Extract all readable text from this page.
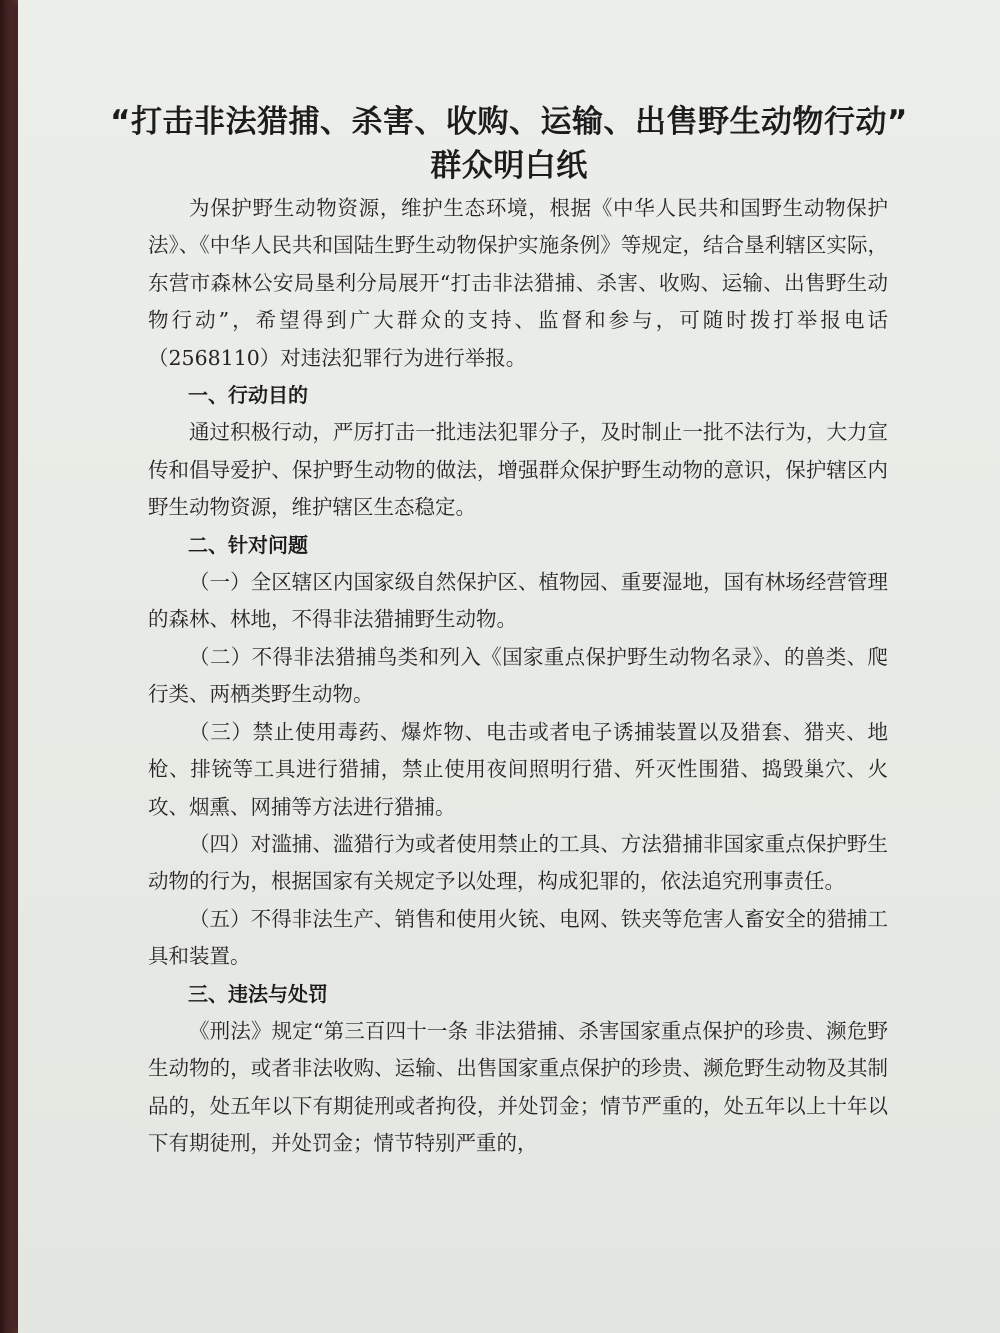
“打击非法猎捕、杀害、收购、运输、出售野生动物行动”
群众明白纸

为保护野生动物资源，维护生态环境，根据《中华人民共和国野生动物保护法》、《中华人民共和国陆生野生动物保护实施条例》等规定，结合垦利辖区实际，东营市森林公安局垦利分局展开“打击非法猎捕、杀害、收购、运输、出售野生动物行动”，希望得到广大群众的支持、监督和参与，可随时拨打举报电话（2568110）对违法犯罪行为进行举报。

一、行动目的

通过积极行动，严厉打击一批违法犯罪分子，及时制止一批不法行为，大力宣传和倡导爱护、保护野生动物的做法，增强群众保护野生动物的意识，保护辖区内野生动物资源，维护辖区生态稳定。

二、针对问题

（一）全区辖区内国家级自然保护区、植物园、重要湿地，国有林场经营管理的森林、林地，不得非法猎捕野生动物。

（二）不得非法猎捕鸟类和列入《国家重点保护野生动物名录》、的兽类、爬行类、两栖类野生动物。

（三）禁止使用毒药、爆炸物、电击或者电子诱捕装置以及猎套、猎夹、地枪、排铳等工具进行猎捕，禁止使用夜间照明行猎、歼灭性围猎、捣毁巢穴、火攻、烟熏、网捕等方法进行猎捕。

（四）对滥捕、滥猎行为或者使用禁止的工具、方法猎捕非国家重点保护野生动物的行为，根据国家有关规定予以处理，构成犯罪的，依法追究刑事责任。

（五）不得非法生产、销售和使用火铳、电网、铁夹等危害人畜安全的猎捕工具和装置。

三、违法与处罚

《刑法》规定“第三百四十一条 非法猎捕、杀害国家重点保护的珍贵、濒危野生动物的，或者非法收购、运输、出售国家重点保护的珍贵、濒危野生动物及其制品的，处五年以下有期徒刑或者拘役，并处罚金；情节严重的，处五年以上十年以下有期徒刑，并处罚金；情节特别严重的，
